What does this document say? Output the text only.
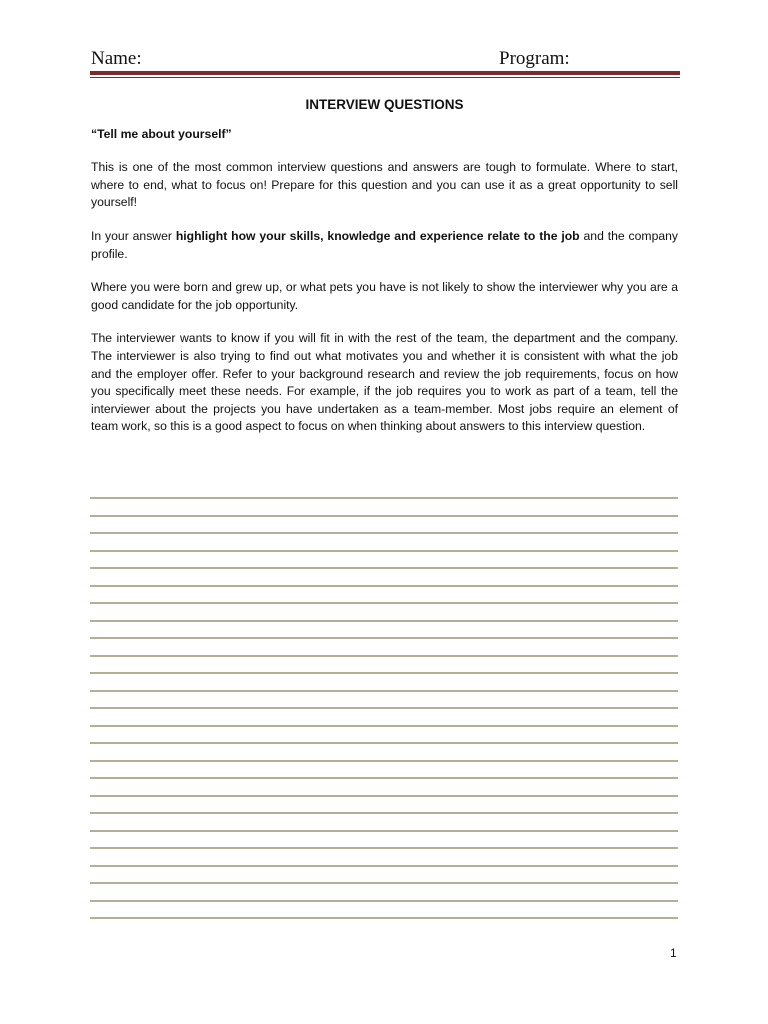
Name:	Program:
INTERVIEW QUESTIONS
“Tell me about yourself”

This is one of the most common interview questions and answers are tough to formulate. Where to start, where to end, what to focus on! Prepare for this question and you can use it as a great opportunity to sell yourself!

In your answer highlight how your skills, knowledge and experience relate to the job and the company profile.

Where you were born and grew up, or what pets you have is not likely to show the interviewer why you are a good candidate for the job opportunity.

The interviewer wants to know if you will fit in with the rest of the team, the department and the company. The interviewer is also trying to find out what motivates you and whether it is consistent with what the job and the employer offer. Refer to your background research and review the job requirements, focus on how you specifically meet these needs. For example, if the job requires you to work as part of a team, tell the interviewer about the projects you have undertaken as a team-member. Most jobs require an element of team work, so this is a good aspect to focus on when thinking about answers to this interview question.

1
